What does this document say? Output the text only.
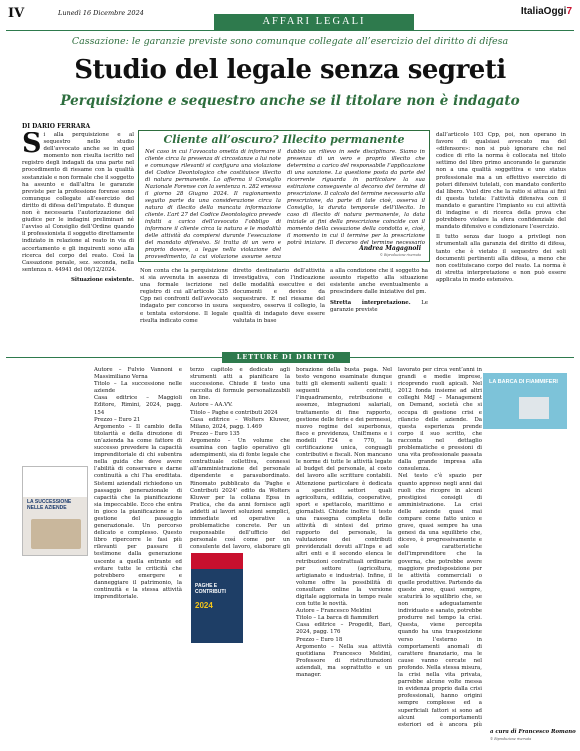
IV	Lunedì 16 Dicembre 2024
AFFARI LEGALI
ItaliaOggi7
Cassazione: le garanzie previste sono comunque collegate all’esercizio del diritto di difesa
Studio del legale senza segreti
Perquisizione e sequestro anche se il titolare non è indagato
DI DARIO FERRARA
Si alla perquisizione e al sequestro nello studio dell’avvocato anche se in quel momento non risulta iscritto nel registro degli indagati da una parte nel procedimento di riesame con la qualità sostanziale e non formale che il soggetto ha assunto e dall’altra le garanzie previste per la professione forense sono comunque collegate all’esercizio del diritto di difesa dell’imputato. È dunque non è necessaria l’autorizzazione del giudice per le indagini preliminari né l’avviso al Consiglio dell’Ordine quando il professionista il soggetto direttamente indiziato in relazione al reato in via di accertamento e gli inquirenti sono alla ricerca del corpo del reato. Così la Cassazione penale, sez. seconda, nella sentenza n. 44941 del 06/12/2024.
Situazione esistente.
Cliente all’oscuro? Illecito permanente
Nel caso in cui l’avvocato ometta di informare il cliente circa la presenza di circostanze a lui note e comunque rilevanti si configura una violazione del Codice Deontologico che costituisce illecito di natura permanente. Lo afferma il Consiglio Nazionale Forense con la sentenza n. 282 emessa il giorno 28 Giugno 2024. Il ragionamento seguito parte da una considerazione circa la natura di illecito della mancata informazione cliente. L’art 27 del Codice Deontologico prevede infatti a carico dell’avvocato l’obbligo di informare il cliente circa la natura e le modalità delle attività da compiersi durante l’esecuzione del mandato difensivo. Si tratta di un vero e proprio dovere, a legge nella violazione del provvedimento, la cui violazione assume senza
dubbio un rilievo in sede disciplinare. Siamo in presenza di un vero e proprio illecito che determina a carico del responsabile l’applicazione di una sanzione. La questione posta da parte del ricorrente riguarda in particolare la sua estinzione conseguente al decorso del termine di prescrizione. Il calcolo del termine necessario alla prescrizione, da parte di tale cioè, osserva il Consiglio, la durata temporale dell’illecito. In caso di illecito di natura permanente, la data iniziale ai fini della prescrizione coincide con il momento della cessazione della condotta e, cioè, il momento in cui il termine per la prescrizione potrà iniziare. Il decorso del termine necessario
Andrea Magagnoli
© Riproduzione riservata
Non conta che la perquisizione si sia avvenuta in assenza di una formale iscrizione nel registro di cui all’articolo 335 Cpp nei confronti dell’avvocato indagato per concorso in usura e tentata estorsione. Il legale risulta indicato come
diretto destinatario dell’attività investigativa, con l’indicazione delle modalità esecutive e dei documenti e device da sequestrare. E nel riesame del sequestro, osserva il collegio, la qualità di indagato deve essere valutata in base
a alla condizione che il soggetto ha assunto rispetto alla situazione esistente anche eventualmente a prescindere dalle iniziative del pm.
Stretta interpretazione. Le garanzie previste
dall’articolo 103 Cpp, poi, non operano in favore di qualsiasi avvocato ma del «difensore»: non si può ignorare che nel codice di rito la norma è collocata nel titolo settimo del libro primo ancorando le garanzie non a una qualità soggettiva e uno status professionale ma a un effettivo esercizio di poteri difensivi tutelati, con mandato conferito dal libero. Vuol dire che la ratio si attua ai fini di questa tutela: l’attività difensiva con il mandato e garantire l’impianto su cui attività di indagine e di ricerca della prova che potrebbero violare la sfera confidenziale del mandato difensivo e condizionare l’esercizio.
Il tutto senza dar luogo a privilegi non strumentali alla garanzia del diritto di difesa, tanto che è vietato il sequestro dei soli documenti pertinenti alla difesa, a meno che non costituiscano corpo del reato. La norma è di stretta interpretazione e non può essere applicata in modo estensivo.
LETTURE DI DIRITTO
Autore – Fulvio Vannoni e Massimiliano Verna
Titolo – La successione nelle aziende
Casa editrice – Maggioli Editore, Rimini, 2024, pagg. 154
Prezzo – Euro 21
Argomento – Il cambio della titolarità e della direzione di un’azienda ha come fattore di successo prevedere la capacità imprenditoriale di chi subentra nella guida che deve avere l’abilità di conservare e darne continuità a chi l’ha ereditata. Sistemi aziendali richiedono un passaggio generazionale di capacità che la pianificazione sia impeccabile. Ecco che entra in gioco la pianificazione e la gestione del passaggio generazionale. Un percorso delicato e complesso. Questo libro ripercorre le fasi più rilevanti per passare il testimone dalla generazione uscente a quella entrante ed evitare tutte le criticità che potrebbero emergere e danneggiare il patrimonio, la continuità e la stessa attività imprenditoriale.
terzo capitolo e dedicato agli strumenti atti a pianificare la successione. Chiude il testo una raccolta di formule personalizzabili on line.
Autore – AA.VV.
Titolo – Paghe e contributi 2024
Casa editrice – Wolters Kluwer, Milano, 2024, pagg. 1.469
Prezzo – Euro 135
Argomento – Un volume che esamina con taglio operativo gli adempimenti, sia di fonte legale che contrattuale collettiva, connessi all’amministrazione del personale dipendente e parasubordinato. Rinomato pubblicato da ‘Paghe e Contributi 2024’ edito da Wolters Kluwer per la collana Epsa in Pratica, che da anni fornisce agli addetti ai lavori soluzioni semplici, immediate ed operative a problematiche concrete. Per un responsabile dell’ufficio del personale così come per un consulente del lavoro, elaborare gli
borazione della busta paga. Nel testo vengono esaminate dunque tutti gli elementi salienti quali: i seguenti contratti, l’inquadramento, retribuzione e assenze, integrazioni salariali, trattamento di fine rapporto, gestione delle ferie e dei permessi, nuovo regime del superbonus, fisco e previdenza, UniEmens e i modelli F24 e 770, la certificazione unica, conguagli contributivi e fiscali. Non mancano le norme di tutte le attività legate al budget del personale, al costo del lavoro alle scritture contabili. Attenzione particolare è dedicata a specifici settori quali agricoltura, edilizia, cooperative, sport e spettacolo, marittimo e giornalisti. Chiude inoltre il testo una rassegna completa delle attività di sintesi del primo rapporto del personale, la valutazione dei contributi previdenziali dovuti all’Inps e ad altri enti e il secondo elenca le retribuzioni contrattuali ordinarie per settore (agricoltura, artigianato e industria). Infine, il volume offre la possibilità di consultare online la versione digitale aggiornata in tempo reale con tutte le novità.
Autore – Francesco Meldini
Titolo – La barca di fiammiferi
Casa editrice – Progedit, Bari, 2024, pagg. 176
Prezzo – Euro 18
Argomento – Nella sua attività quotidiana Francesco Meldini, Professore di ristrutturazioni aziendali, ma soprattutto e un manager.
lavorato per circa vent’anni in grandi e medie imprese, ricoprendo ruoli apicali. Nel 2012 fonda insieme ad altri colleghi MdJ – Management on Demand, società che si occupa di gestione crisi e rilancio delle aziende. Da questa esperienza prende corpo il suo scritto, che racconta nel dettaglio problematiche e pressioni di una vita professionale passata dalla grande impresa alla consulenza.
Nel testo c’è spazio per quanto appreso negli anni dai ruoli che ricopre in alcuni prestigiosi consigli di amministrazione. La crisi delle aziende quasi mai compare come fatto unico e grave, quasi sempre ha una genesi da una squilibrio che, dicevo, è progressivamente e sole caratteristiche dell’imprenditore che la governa, che potrebbe avere maggiore predisposizione per le attività commerciali o quelle produttive. Partendo da queste aree, quasi sempre, scaturirà lo squilibrio che, se non adeguatamente individuato e sanato, potrebbe produrre nel tempo la crisi. Questa, viene percepita quando ha una trasposizione verso l’esterno in comportamenti anomali di carattere finanziario, ma le cause vanno cercate nel profondo. Nella stessa misura, la crisi nella vita privata, parrebbe alcune volte messa in evidenza proprio dalla crisi professionali, hanno origini sempre complesse ed a superficiali fattori si sono ad alcuni comportamenti esteriori ed è ancora più
LA SUCCESSIONE NELLE AZIENDE
PAGHE E CONTRIBUTI
2024
LA BARCA DI FIAMMIFERI
a cura di Francesco Romano
© Riproduzione riservata
